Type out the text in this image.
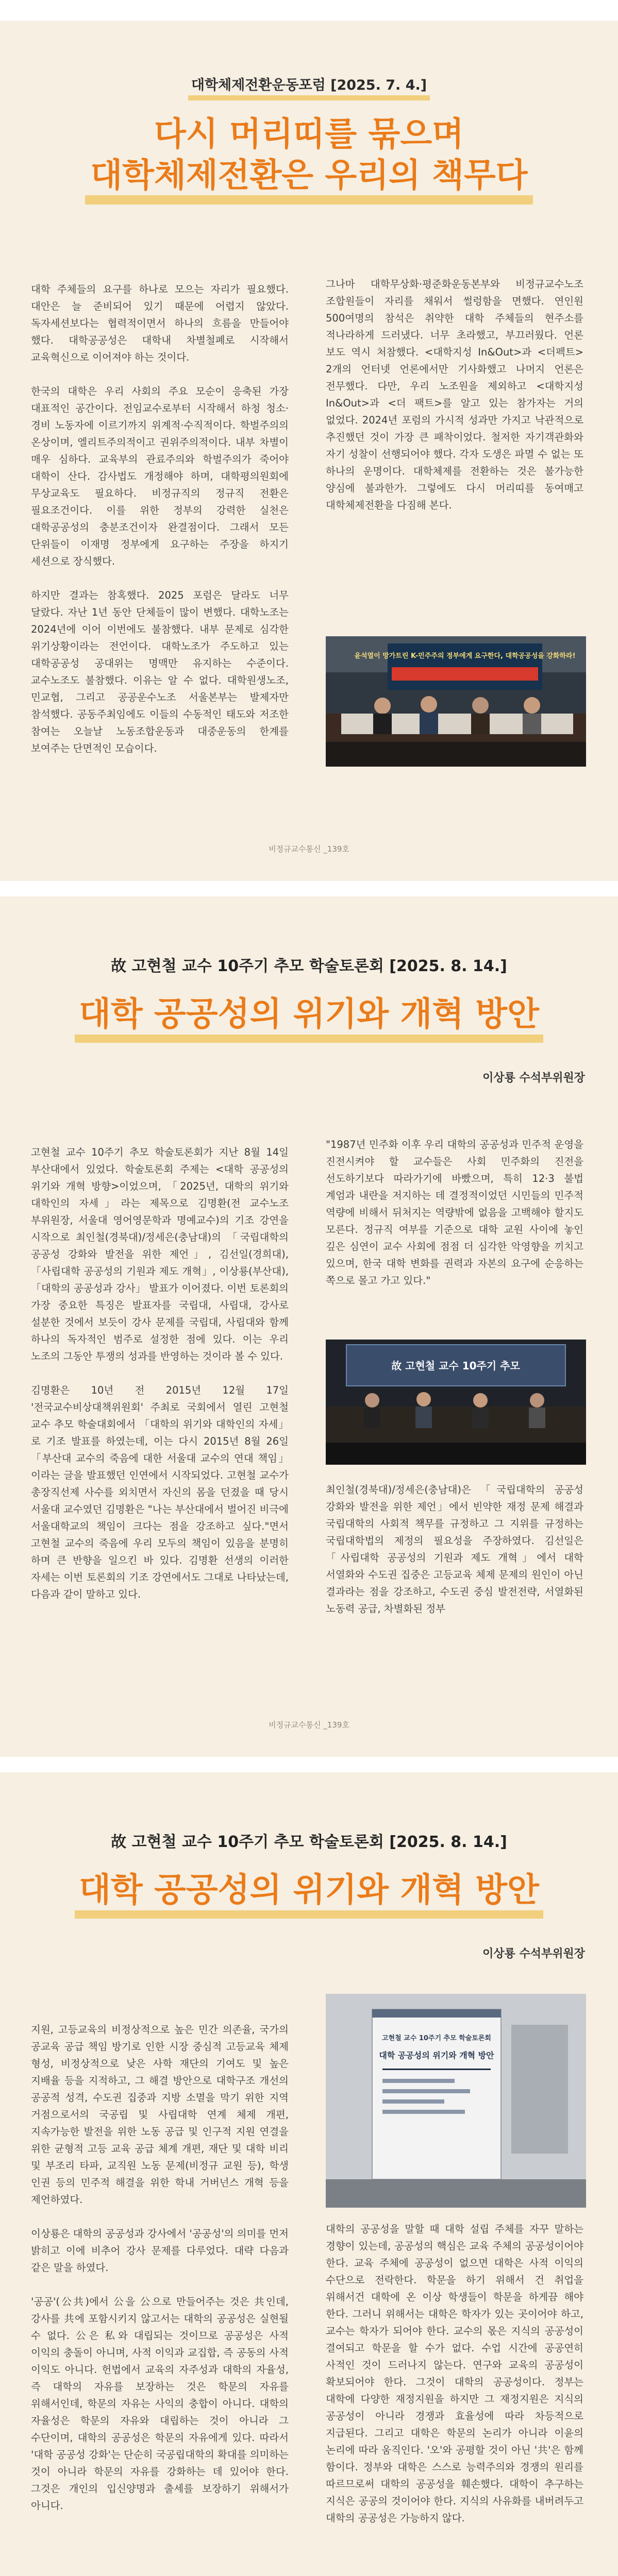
대학체제전환운동포럼 [2025. 7. 4.]
다시 머리띠를 묶으며
대학체제전환은 우리의 책무다

대학 주체들의 요구를 하나로 모으는 자리가 필요했다. 대안은 늘 준비되어 있기 때문에 어렵지 않았다. 독자세션보다는 협력적이면서 하나의 흐름을 만들어야 했다. 대학공공성은 대학내 차별철폐로 시작해서 교육혁신으로 이어져야 하는 것이다.

한국의 대학은 우리 사회의 주요 모순이 응축된 가장 대표적인 공간이다. 전임교수로부터 시작해서 하청 청소·경비 노동자에 이르기까지 위계적·수직적이다. 학벌주의의 온상이며, 엘리트주의적이고 권위주의적이다. 내부 차별이 매우 심하다. 교육부의 관료주의와 학벌주의가 죽어야 대학이 산다. 감사법도 개정해야 하며, 대학평의원회에 무상교육도 필요하다. 비정규직의 정규직 전환은 필요조건이다. 이를 위한 정부의 강력한 실천은 대학공공성의 충분조건이자 완결점이다. 그래서 모든 단위들이 이재명 정부에게 요구하는 주장을 하지기 세션으로 장식했다.

하지만 결과는 참혹했다. 2025 포럼은 달라도 너무 달랐다. 자난 1년 동안 단체들이 많이 변했다. 대학노조는 2024년에 이어 이번에도 불참했다. 내부 문제로 심각한 위기상황이라는 전언이다. 대학노조가 주도하고 있는 대학공공성 공대위는 명맥만 유지하는 수준이다. 교수노조도 불참했다. 이유는 알 수 없다. 대학원생노조, 민교협, 그리고 공공운수노조 서울본부는 발제자만 참석했다. 공동주최임에도 이들의 수동적인 태도와 저조한 참여는 오늘날 노동조합운동과 대중운동의 한계를 보여주는 단면적인 모습이다.

그나마 대학무상화·평준화운동본부와 비정규교수노조 조합원들이 자리를 채워서 썰렁함을 면했다. 연인원 500여명의 참석은 취약한 대학 주체들의 현주소를 적나라하게 드러냈다. 너무 초라했고, 부끄러웠다. 언론 보도 역시 처참했다. <대학지성 In&Out>과 <더펙트> 2개의 언터넷 언론에서만 기사화했고 나머지 언론은 전무했다. 다만, 우리 노조원을 제외하고 <대학지성 In&Out>과 <더 팩트>를 알고 있는 참가자는 거의 없었다. 2024년 포럼의 가시적 성과만 가지고 낙관적으로 추진했던 것이 가장 큰 패착이었다. 철저한 자기객관화와 자기 성찰이 선행되어야 했다. 각자 도생은 파멸 수 없는 또 하나의 운명이다. 대학체제를 전환하는 것은 불가능한 양심에 불과한가. 그렇에도 다시 머리띠를 동여매고 대학체제전환을 다짐해 본다.

윤석열이 망가트린 K-민주주의 정부에게 요구한다, 대학공공성을 강화하라!
비정규교수통신 _139호
故 고현철 교수 10주기 추모 학술토론회 [2025. 8. 14.]
대학 공공성의 위기와 개혁 방안
이상룡 수석부위원장

고현철 교수 10주기 추모 학술토론회가 지난 8월 14일 부산대에서 있었다. 학술토론회 주제는 <대학 공공성의 위기와 개혁 방향>이었으며, 「2025년, 대학의 위기와 대학인의 자세」라는 제목으로 김명환(전 교수노조 부위원장, 서울대 영어영문학과 명예교수)의 기조 강연을 시작으로 최인철(경북대)/정세은(충남대)의 「국립대학의 공공성 강화와 발전을 위한 제언」, 김선일(경희대), 「사립대학 공공성의 기원과 제도 개혁」, 이상룡(부산대), 「대학의 공공성과 강사」 발표가 이어졌다. 이번 토론회의 가장 중요한 특징은 발표자를 국립대, 사립대, 강사로 설분한 것에서 보듯이 강사 문제를 국립대, 사립대와 함께 하나의 독자적인 범주로 설정한 점에 있다. 이는 우리 노조의 그동안 투쟁의 성과를 반영하는 것이라 볼 수 있다.

김명환은 10년 전 2015년 12월 17일 '전국교수비상대책위원회' 주최로 국회에서 열린 고현철 교수 추모 학술대회에서 「대학의 위기와 대학인의 자세」로 기조 발표를 하였는데, 이는 다시 2015년 8월 26일 「부산대 교수의 죽음에 대한 서울대 교수의 연대 책임」이라는 글을 발표했던 인연에서 시작되었다. 고현철 교수가 총장직선제 사수를 외치면서 자신의 몸을 던졌을 때 당시 서울대 교수였던 김명환은 "나는 부산대에서 벌어진 비극에 서울대학교의 책임이 크다는 점을 강조하고 싶다."면서 고현철 교수의 죽음에 우리 모두의 책임이 있음을 분명히 하며 큰 반향을 일으킨 바 있다. 김명환 선생의 이러한 자세는 이번 토론회의 기조 강연에서도 그대로 나타났는데, 다음과 같이 말하고 있다.

"1987년 민주화 이후 우리 대학의 공공성과 민주적 운영을 진전시켜야 할 교수들은 사회 민주화의 진전을 선도하기보다 따라가기에 바빴으며, 특히 12·3 불법 계엄과 내란을 저지하는 데 결정적이었던 시민들의 민주적 역량에 비해서 뒤처지는 역량밖에 없음을 고백해야 할지도 모른다. 정규직 여부를 기준으로 대학 교원 사이에 놓인 깊은 심연이 교수 사회에 점점 더 심각한 악영향을 끼치고 있으며, 한국 대학 변화를 권력과 자본의 요구에 순응하는 쪽으로 몰고 가고 있다."

故 고현철 교수 10주기 추모

최인철(경북대)/정세은(충남대)은 「국립대학의 공공성 강화와 발전을 위한 제언」에서 빈약한 재정 문제 해결과 국립대학의 사회적 책무를 규정하고 그 지위를 규정하는 국립대학법의 제정의 필요성을 주장하였다. 김선일은 「사립대학 공공성의 기원과 제도 개혁」에서 대학 서열화와 수도권 집중은 고등교육 체제 문제의 원인이 아닌 결과라는 점을 강조하고, 수도권 중심 발전전략, 서열화된 노동력 공급, 차별화된 정부

비정규교수통신 _139호
故 고현철 교수 10주기 추모 학술토론회 [2025. 8. 14.]
대학 공공성의 위기와 개혁 방안
이상룡 수석부위원장

지원, 고등교육의 비정상적으로 높은 민간 의존율, 국가의 공교육 공급 책임 방기로 인한 시장 중심적 고등교육 체제 형성, 비정상적으로 낮은 사학 재단의 기여도 및 높은 지배율 등을 지적하고, 그 해결 방안으로 대학구조 개선의 공공적 성격, 수도권 집중과 지방 소멸을 막기 위한 지역 거점으로서의 국공립 및 사립대학 연계 체제 개편, 지속가능한 발전을 위한 노동 공급 및 인구적 지원 연결을 위한 균형적 고등 교육 공급 체계 개편, 재단 및 대학 비리 및 부조리 타파, 교직원 노동 문제(비정규 교원 등), 학생 인권 등의 민주적 해결을 위한 학내 거버넌스 개혁 등을 제언하였다.

이상룡은 대학의 공공성과 강사에서 '공공성'의 의미를 먼저 밝히고 이에 비추어 강사 문제를 다루었다. 대략 다음과 같은 말을 하였다.

'공공'(公共)에서 公을 公으로 만들어주는 것은 共인데, 강사를 共에 포함시키지 않고서는 대학의 공공성은 실현될 수 없다. 公은 私와 대립되는 것이므로 공공성은 사적 이익의 충돌이 아니며, 사적 이익과 교집합, 즉 공동의 사적 이익도 아니다. 헌법에서 교육의 자주성과 대학의 자율성, 즉 대학의 자유를 보장하는 것은 학문의 자유를 위해서인데, 학문의 자유는 사익의 충합이 아니다. 대학의 자율성은 학문의 자유와 대립하는 것이 아니라 그 수단이며, 대학의 공공성은 학문의 자유에게 있다. 따라서 '대학 공공성 강화'는 단순히 국공립대학의 확대를 의미하는 것이 아니라 학문의 자유를 강화하는 데 있어야 한다. 그것은 개인의 입신양명과 출세를 보장하기 위해서가 아니다.

고현철 교수 10주기 추모 학술토론회
대학 공공성의 위기와 개혁 방안

대학의 공공성을 말할 때 대학 설립 주체를 자꾸 말하는 경향이 있는데, 공공성의 핵심은 교육 주체의 공공성이어야 한다. 교육 주체에 공공성이 없으면 대학은 사적 이익의 수단으로 전락한다. 학문을 하기 위해서 건 취업을 위해서건 대학에 온 이상 학생들이 학문을 하게끔 해야 한다. 그러니 위해서는 대학은 학자가 있는 곳이어야 하고, 교수는 학자가 되어야 한다. 교수의 몫은 지식의 공공성이 결여되고 학문을 할 수가 없다. 수업 시간에 공공연히 사적인 것이 드러나지 않는다. 연구와 교육의 공공성이 확보되어야 한다. 그것이 대학의 공공성이다. 정부는 대학에 다양한 재정지원을 하지만 그 재정지원은 지식의 공공성이 아니라 경쟁과 효율성에 따라 차등적으로 지급된다. 그리고 대학은 학문의 논리가 아니라 이윤의 논리에 따라 움직인다. '오'와 공평할 것이 아닌 '共'은 함께 함이다. 정부와 대학은 스스로 능력주의와 경쟁의 원리를 따르므로써 대학의 공공성을 훼손했다. 대학이 추구하는 지식은 공공의 것이어야 한다. 지식의 사유화를 내버려두고 대학의 공공성은 가능하지 않다.
